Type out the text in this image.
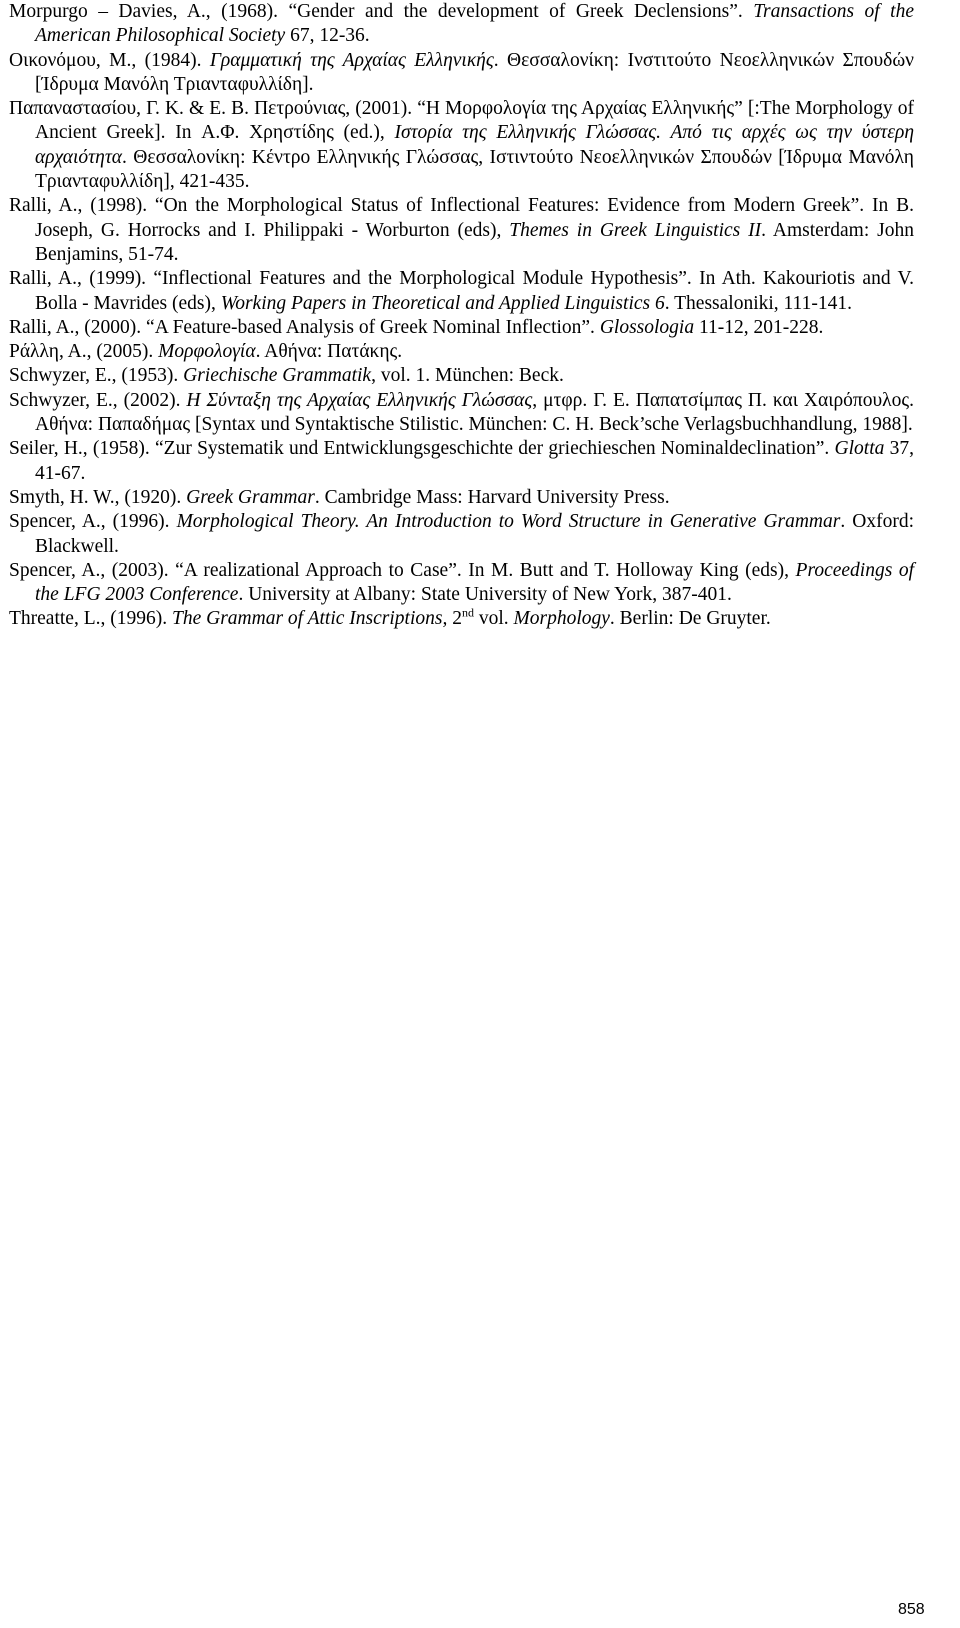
Morpurgo – Davies, A., (1968). “Gender and the development of Greek Declensions”. Transactions of the American Philosophical Society 67, 12-36.

Οικονόμου, Μ., (1984). Γραμματική της Αρχαίας Ελληνικής. Θεσσαλονίκη: Ινστιτούτο Νεοελληνικών Σπουδών [Ίδρυμα Μανόλη Τριανταφυλλίδη].

Παπαναστασίου, Γ. Κ. & Ε. Β. Πετρούνιας, (2001). “Η Μορφολογία της Αρχαίας Ελληνικής” [:The Morphology of Ancient Greek]. In Α.Φ. Χρηστίδης (ed.), Ιστορία της Ελληνικής Γλώσσας. Από τις αρχές ως την ύστερη αρχαιότητα. Θεσσαλονίκη: Κέντρο Ελληνικής Γλώσσας, Ιστιντούτο Νεοελληνικών Σπουδών [Ίδρυμα Μανόλη Τριανταφυλλίδη], 421-435.

Ralli, A., (1998). “On the Morphological Status of Inflectional Features: Evidence from Modern Greek”. In B. Joseph, G. Horrocks and I. Philippaki - Worburton (eds), Themes in Greek Linguistics II. Amsterdam: John Benjamins, 51-74.

Ralli, A., (1999). “Inflectional Features and the Morphological Module Hypothesis”. In Ath. Kakouriotis and V. Bolla - Mavrides (eds), Working Papers in Theoretical and Applied Linguistics 6. Thessaloniki, 111-141.

Ralli, A., (2000). “A Feature-based Analysis of Greek Nominal Inflection”. Glossologia 11-12, 201-228.

Ράλλη, Α., (2005). Μορφολογία. Αθήνα: Πατάκης.

Schwyzer, E., (1953). Griechische Grammatik, vol. 1. München: Beck.

Schwyzer, E., (2002). Η Σύνταξη της Αρχαίας Ελληνικής Γλώσσας, μτφρ. Γ. Ε. Παπατσίμπας Π. και Χαιρόπουλος. Αθήνα: Παπαδήμας [Syntax und Syntaktische Stilistic. München: C. H. Beck’sche Verlagsbuchhandlung, 1988].

Seiler, H., (1958). “Zur Systematik und Entwicklungsgeschichte der griechieschen Nominaldeclination”. Glotta 37, 41-67.

Smyth, H. W., (1920). Greek Grammar. Cambridge Mass: Harvard University Press.

Spencer, A., (1996). Morphological Theory. An Introduction to Word Structure in Generative Grammar. Oxford: Blackwell.

Spencer, A., (2003). “A realizational Approach to Case”. In M. Butt and T. Holloway King (eds), Proceedings of the LFG 2003 Conference. University at Albany: State University of New York, 387-401.

Threatte, L., (1996). The Grammar of Attic Inscriptions, 2nd vol. Morphology. Berlin: De Gruyter.

858
